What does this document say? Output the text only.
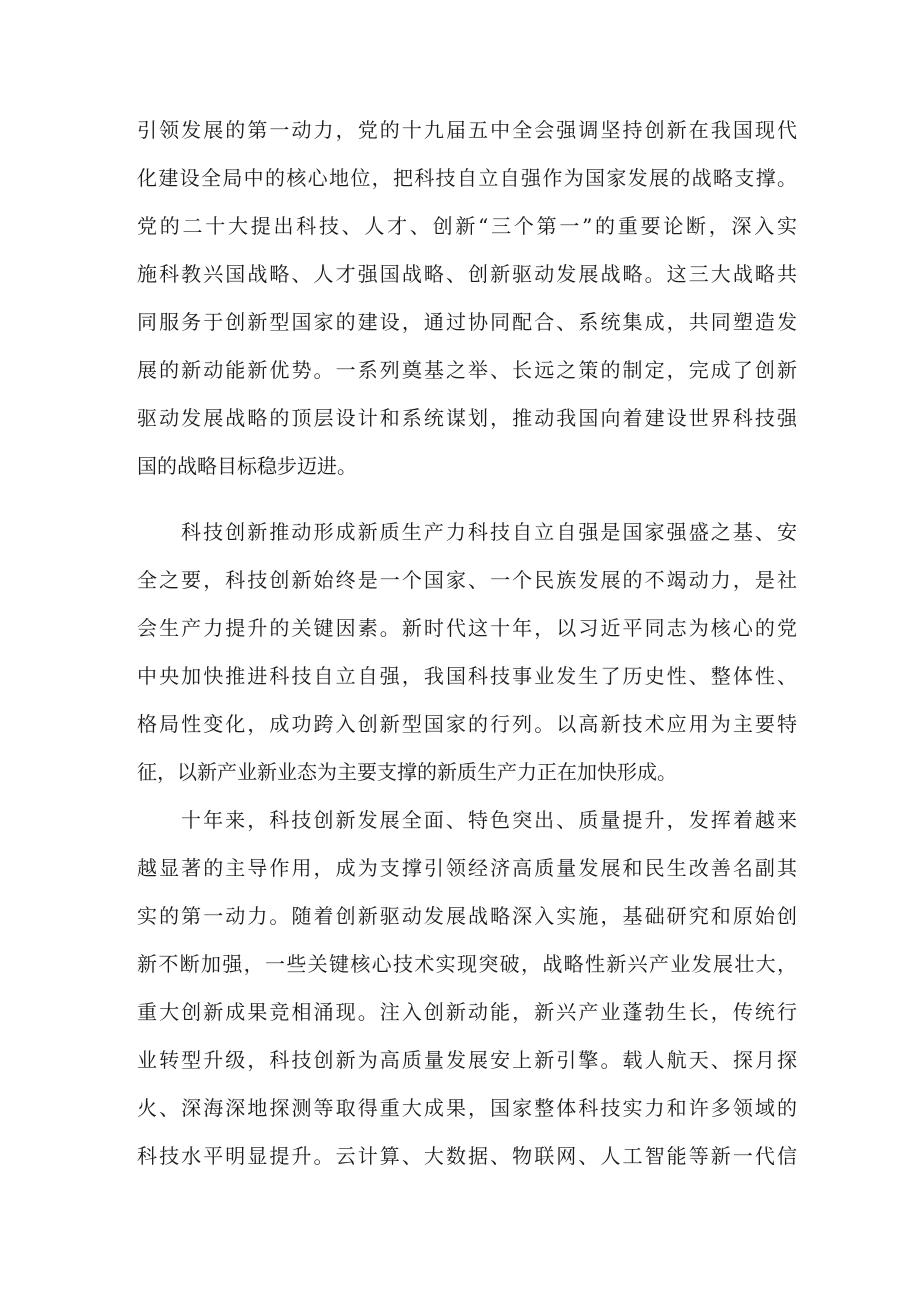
引领发展的第一动力，党的十九届五中全会强调坚持创新在我国现代
化建设全局中的核心地位，把科技自立自强作为国家发展的战略支撑。
党的二十大提出科技、人才、创新“三个第一”的重要论断，深入实
施科教兴国战略、人才强国战略、创新驱动发展战略。这三大战略共
同服务于创新型国家的建设，通过协同配合、系统集成，共同塑造发
展的新动能新优势。一系列奠基之举、长远之策的制定，完成了创新
驱动发展战略的顶层设计和系统谋划，推动我国向着建设世界科技强
国的战略目标稳步迈进。
科技创新推动形成新质生产力科技自立自强是国家强盛之基、安
全之要，科技创新始终是一个国家、一个民族发展的不竭动力，是社
会生产力提升的关键因素。新时代这十年，以习近平同志为核心的党
中央加快推进科技自立自强，我国科技事业发生了历史性、整体性、
格局性变化，成功跨入创新型国家的行列。以高新技术应用为主要特
征，以新产业新业态为主要支撑的新质生产力正在加快形成。
十年来，科技创新发展全面、特色突出、质量提升，发挥着越来
越显著的主导作用，成为支撑引领经济高质量发展和民生改善名副其
实的第一动力。随着创新驱动发展战略深入实施，基础研究和原始创
新不断加强，一些关键核心技术实现突破，战略性新兴产业发展壮大，
重大创新成果竞相涌现。注入创新动能，新兴产业蓬勃生长，传统行
业转型升级，科技创新为高质量发展安上新引擎。载人航天、探月探
火、深海深地探测等取得重大成果，国家整体科技实力和许多领域的
科技水平明显提升。云计算、大数据、物联网、人工智能等新一代信
